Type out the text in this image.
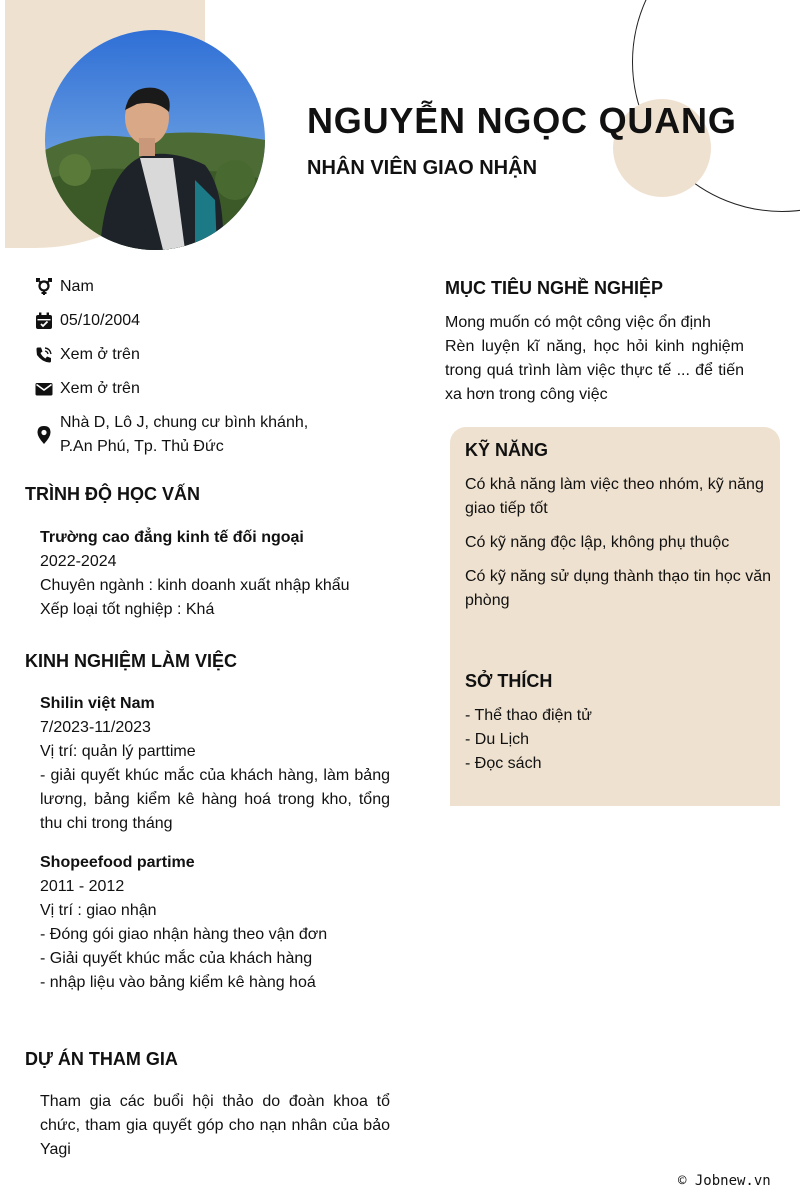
NGUYỄN NGỌC QUANG
NHÂN VIÊN GIAO NHẬN
Nam
05/10/2004
Xem ở trên
Xem ở trên
Nhà D, Lô J, chung cư bình khánh,
P.An Phú, Tp. Thủ Đức
TRÌNH ĐỘ HỌC VẤN
Trường cao đẳng kinh tế đối ngoại
2022-2024
Chuyên ngành : kinh doanh xuất nhập khẩu
Xếp loại tốt nghiệp : Khá
KINH NGHIỆM LÀM VIỆC
Shilin việt Nam
7/2023-11/2023
Vị trí: quản lý parttime
- giải quyết khúc mắc của khách hàng, làm bảng lương, bảng kiểm kê hàng hoá trong kho, tổng thu chi trong tháng
Shopeefood partime
2011 - 2012
Vị trí : giao nhận
- Đóng gói giao nhận hàng theo vận đơn
- Giải quyết khúc mắc của khách hàng
- nhập liệu vào bảng kiểm kê hàng hoá
DỰ ÁN THAM GIA
Tham gia các buổi hội thảo do đoàn khoa tổ chức, tham gia quyết góp cho nạn nhân của bảo Yagi
MỤC TIÊU NGHỀ NGHIỆP
Mong muốn có một công việc ổn định
Rèn luyện kĩ năng, học hỏi kinh nghiệm trong quá trình làm việc thực tế ... để tiến xa hơn trong công việc
KỸ NĂNG
Có khả năng làm việc theo nhóm, kỹ năng giao tiếp tốt
Có kỹ năng độc lập, không phụ thuộc
Có kỹ năng sử dụng thành thạo tin học văn phòng
SỞ THÍCH
- Thể thao điện tử
- Du Lịch
- Đọc sách
© Jobnew.vn
